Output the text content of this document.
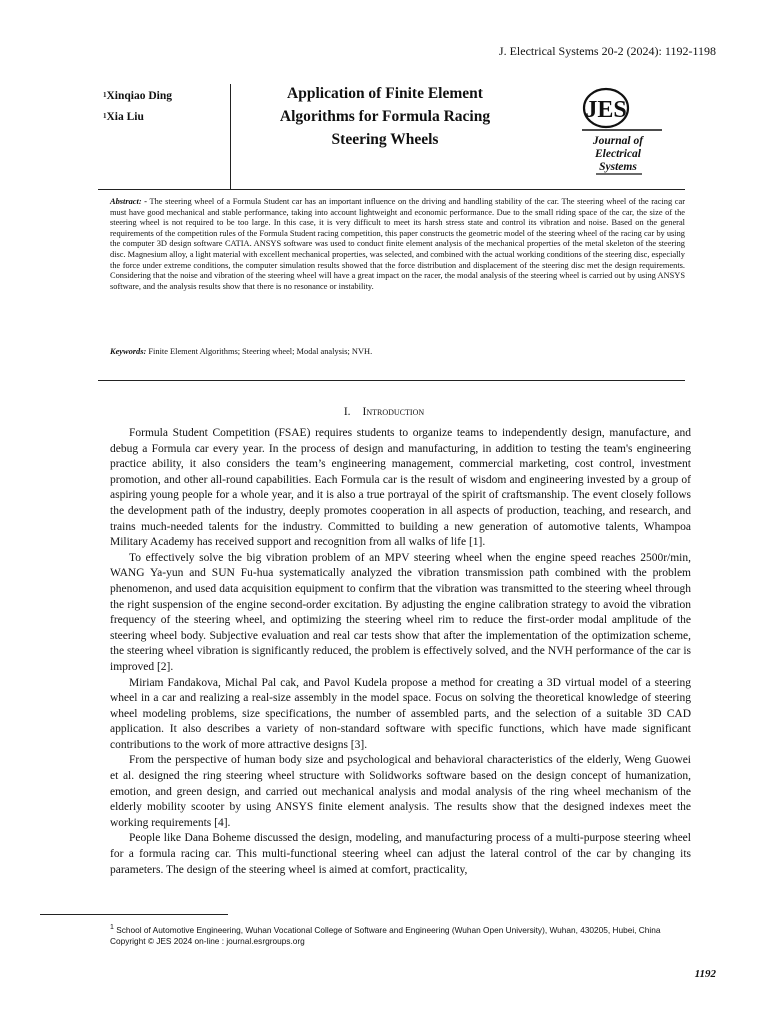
J. Electrical Systems 20-2 (2024): 1192-1198
$^1$Xinqiao Ding
$^1$Xia Liu
Application of Finite Element
Algorithms for Formula Racing
Steering Wheels
JES
Journal of
Electrical
Systems
Abstract: - The steering wheel of a Formula Student car has an important influence on the driving and handling stability of the car. The steering wheel of the racing car must have good mechanical and stable performance, taking into account lightweight and economic performance. Due to the small riding space of the car, the size of the steering wheel is not required to be too large. In this case, it is very difficult to meet its harsh stress state and control its vibration and noise. Based on the general requirements of the competition rules of the Formula Student racing competition, this paper constructs the geometric model of the steering wheel of the racing car by using the computer 3D design software CATIA. ANSYS software was used to conduct finite element analysis of the mechanical properties of the metal skeleton of the steering disc. Magnesium alloy, a light material with excellent mechanical properties, was selected, and combined with the actual working conditions of the steering disc, especially the force under extreme conditions, the computer simulation results showed that the force distribution and displacement of the steering disc met the design requirements. Considering that the noise and vibration of the steering wheel will have a great impact on the racer, the modal analysis of the steering wheel is carried out by using ANSYS software, and the analysis results show that there is no resonance or instability.
Keywords: Finite Element Algorithms; Steering wheel; Modal analysis; NVH.
I. Introduction

Formula Student Competition (FSAE) requires students to organize teams to independently design, manufacture, and debug a Formula car every year. In the process of design and manufacturing, in addition to testing the team's engineering practice ability, it also considers the team’s engineering management, commercial marketing, cost control, investment promotion, and other all-round capabilities. Each Formula car is the result of wisdom and engineering invested by a group of aspiring young people for a whole year, and it is also a true portrayal of the spirit of craftsmanship. The event closely follows the development path of the industry, deeply promotes cooperation in all aspects of production, teaching, and research, and trains much-needed talents for the industry. Committed to building a new generation of automotive talents, Whampoa Military Academy has received support and recognition from all walks of life [1].

To effectively solve the big vibration problem of an MPV steering wheel when the engine speed reaches 2500r/min, WANG Ya-yun and SUN Fu-hua systematically analyzed the vibration transmission path combined with the problem phenomenon, and used data acquisition equipment to confirm that the vibration was transmitted to the steering wheel through the right suspension of the engine second-order excitation. By adjusting the engine calibration strategy to avoid the vibration frequency of the steering wheel, and optimizing the steering wheel rim to reduce the first-order modal amplitude of the steering wheel body. Subjective evaluation and real car tests show that after the implementation of the optimization scheme, the steering wheel vibration is significantly reduced, the problem is effectively solved, and the NVH performance of the car is improved [2].

Miriam Fandakova, Michal Pal cak, and Pavol Kudela propose a method for creating a 3D virtual model of a steering wheel in a car and realizing a real-size assembly in the model space. Focus on solving the theoretical knowledge of steering wheel modeling problems, size specifications, the number of assembled parts, and the selection of a suitable 3D CAD application. It also describes a variety of non-standard software with specific functions, which have made significant contributions to the work of more attractive designs [3].

From the perspective of human body size and psychological and behavioral characteristics of the elderly, Weng Guowei et al. designed the ring steering wheel structure with Solidworks software based on the design concept of humanization, emotion, and green design, and carried out mechanical analysis and modal analysis of the ring wheel mechanism of the elderly mobility scooter by using ANSYS finite element analysis. The results show that the designed indexes meet the working requirements [4].

People like Dana Boheme discussed the design, modeling, and manufacturing process of a multi-purpose steering wheel for a formula racing car. This multi-functional steering wheel can adjust the lateral control of the car by changing its parameters. The design of the steering wheel is aimed at comfort, practicality,

$^1$ School of Automotive Engineering, Wuhan Vocational College of Software and Engineering (Wuhan Open University), Wuhan, 430205, Hubei, China
Copyright © JES 2024 on-line : journal.esrgroups.org
1192
